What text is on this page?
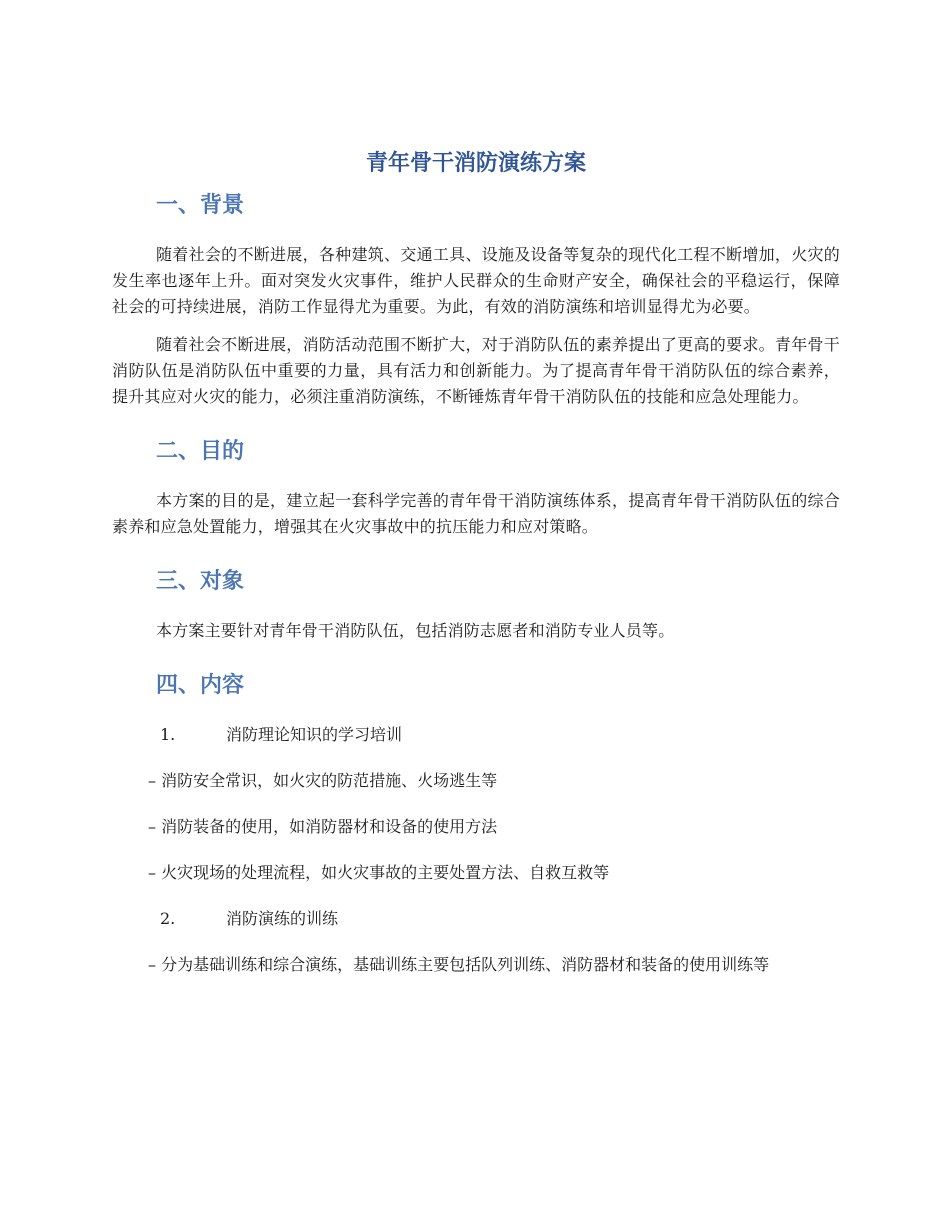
青年骨干消防演练方案
一、背景

随着社会的不断进展，各种建筑、交通工具、设施及设备等复杂的现代化工程不断增加，火灾的发生率也逐年上升。面对突发火灾事件，维护人民群众的生命财产安全，确保社会的平稳运行，保障社会的可持续进展，消防工作显得尤为重要。为此，有效的消防演练和培训显得尤为必要。

随着社会不断进展，消防活动范围不断扩大，对于消防队伍的素养提出了更高的要求。青年骨干消防队伍是消防队伍中重要的力量，具有活力和创新能力。为了提高青年骨干消防队伍的综合素养，提升其应对火灾的能力，必须注重消防演练，不断锤炼青年骨干消防队伍的技能和应急处理能力。

二、目的

本方案的目的是，建立起一套科学完善的青年骨干消防演练体系，提高青年骨干消防队伍的综合素养和应急处置能力，增强其在火灾事故中的抗压能力和应对策略。

三、对象

本方案主要针对青年骨干消防队伍，包括消防志愿者和消防专业人员等。

四、内容
1.	消防理论知识的学习培训

– 消防安全常识，如火灾的防范措施、火场逃生等

– 消防装备的使用，如消防器材和设备的使用方法

– 火灾现场的处理流程，如火灾事故的主要处置方法、自救互救等

2.	消防演练的训练

– 分为基础训练和综合演练，基础训练主要包括队列训练、消防器材和装备的使用训练等
